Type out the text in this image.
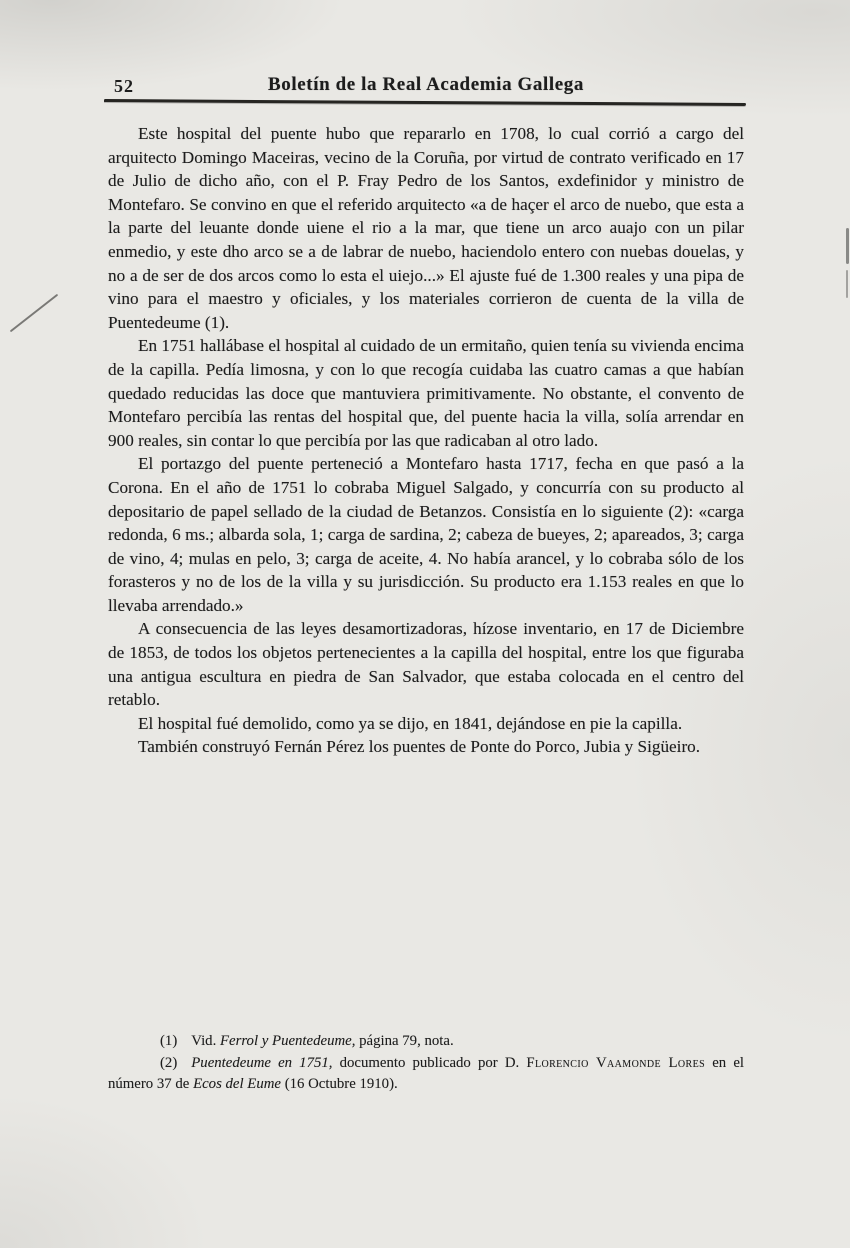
52	Boletín de la Real Academia Gallega

Este hospital del puente hubo que repararlo en 1708, lo cual corrió a cargo del arquitecto Domingo Maceiras, vecino de la Coruña, por virtud de contrato verificado en 17 de Julio de dicho año, con el P. Fray Pedro de los Santos, exdefinidor y ministro de Montefaro. Se convino en que el referido arquitecto «a de haçer el arco de nuebo, que esta a la parte del leuante donde uiene el rio a la mar, que tiene un arco auajo con un pilar enmedio, y este dho arco se a de labrar de nuebo, haciendolo entero con nuebas douelas, y no a de ser de dos arcos como lo esta el uiejo...» El ajuste fué de 1.300 reales y una pipa de vino para el maestro y oficiales, y los materiales corrieron de cuenta de la villa de Puentedeume (1).

En 1751 hallábase el hospital al cuidado de un ermitaño, quien tenía su vivienda encima de la capilla. Pedía limosna, y con lo que recogía cuidaba las cuatro camas a que habían quedado reducidas las doce que mantuviera primitivamente. No obstante, el convento de Montefaro percibía las rentas del hospital que, del puente hacia la villa, solía arrendar en 900 reales, sin contar lo que percibía por las que radicaban al otro lado.

El portazgo del puente perteneció a Montefaro hasta 1717, fecha en que pasó a la Corona. En el año de 1751 lo cobraba Miguel Salgado, y concurría con su producto al depositario de papel sellado de la ciudad de Betanzos. Consistía en lo siguiente (2): «carga redonda, 6 ms.; albarda sola, 1; carga de sardina, 2; cabeza de bueyes, 2; apareados, 3; carga de vino, 4; mulas en pelo, 3; carga de aceite, 4. No había arancel, y lo cobraba sólo de los forasteros y no de los de la villa y su jurisdicción. Su producto era 1.153 reales en que lo llevaba arrendado.»

A consecuencia de las leyes desamortizadoras, hízose inventario, en 17 de Diciembre de 1853, de todos los objetos pertenecientes a la capilla del hospital, entre los que figuraba una antigua escultura en piedra de San Salvador, que estaba colocada en el centro del retablo.

El hospital fué demolido, como ya se dijo, en 1841, dejándose en pie la capilla.

También construyó Fernán Pérez los puentes de Ponte do Porco, Jubia y Sigüeiro.

(1) Vid. Ferrol y Puentedeume, página 79, nota.

(2) Puentedeume en 1751, documento publicado por D. Florencio Vaamonde Lores en el número 37 de Ecos del Eume (16 Octubre 1910).
